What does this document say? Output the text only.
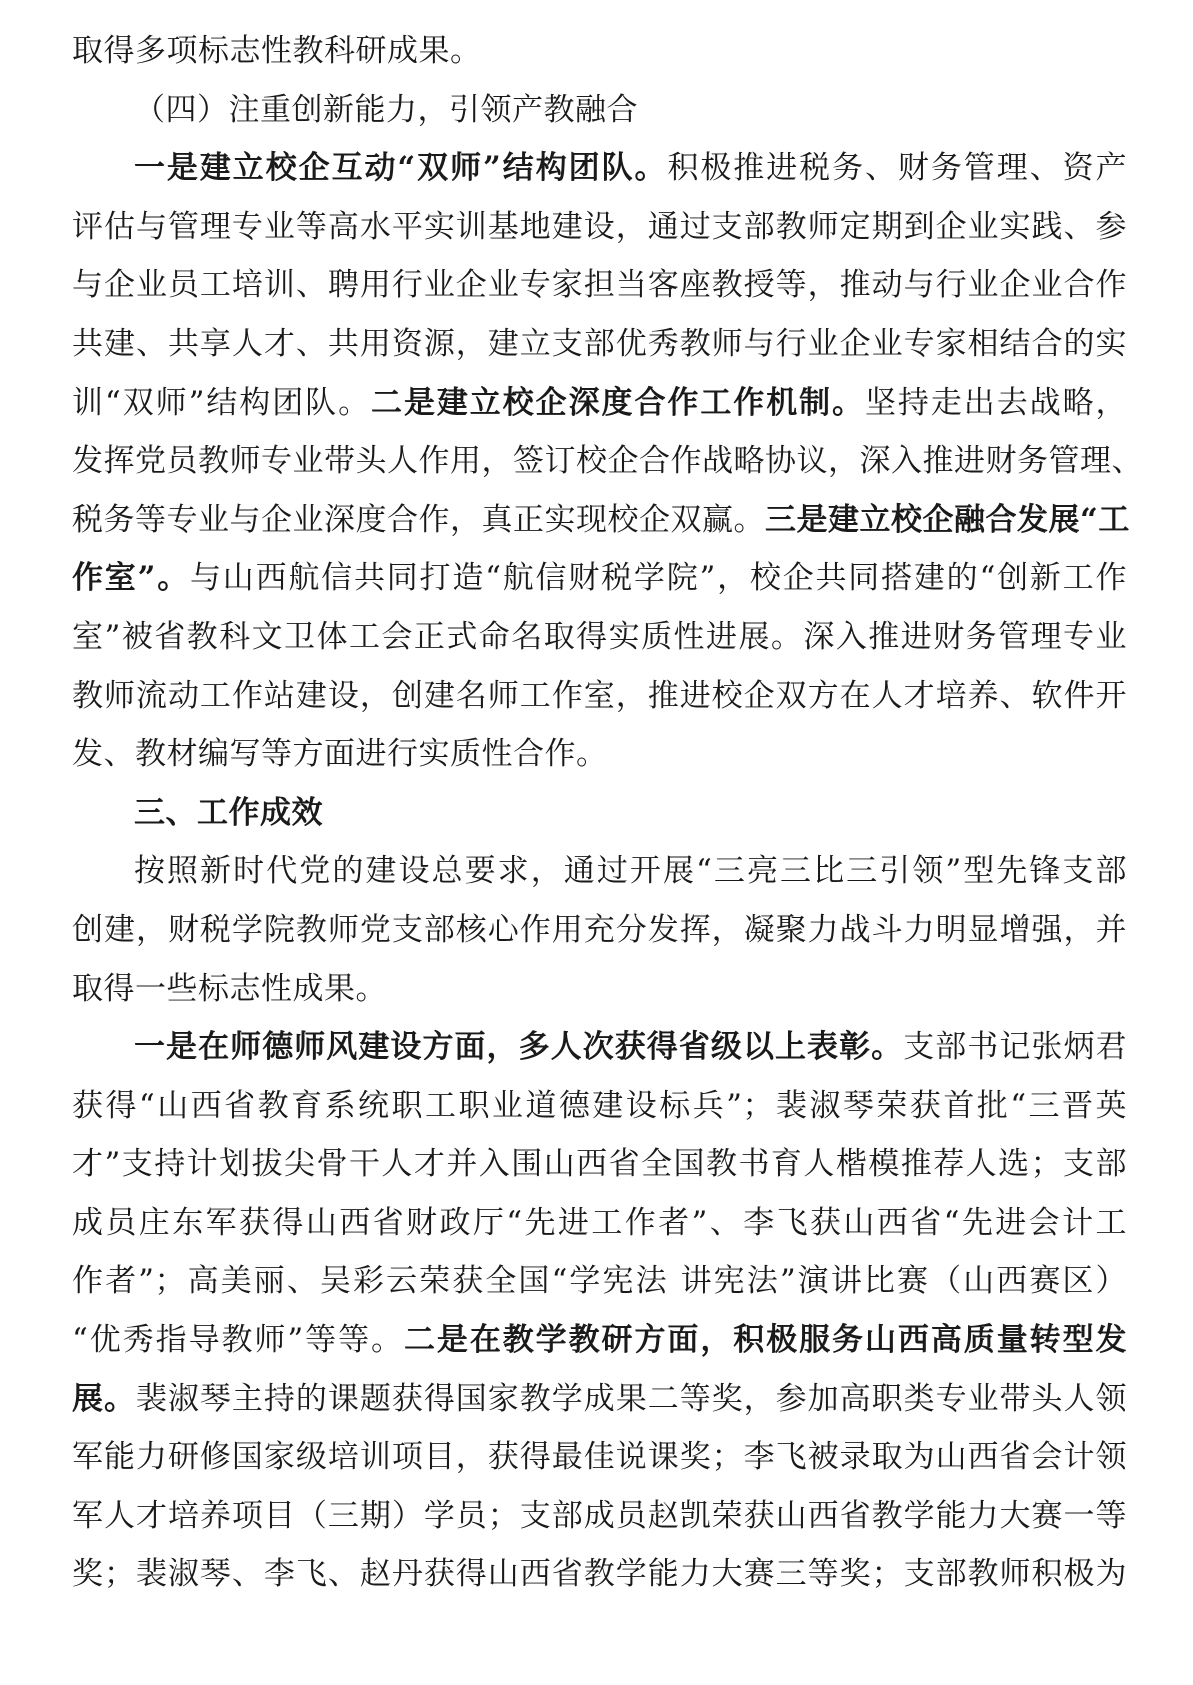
取得多项标志性教科研成果。
（四）注重创新能力，引领产教融合
一是建立校企互动“双师”结构团队。积极推进税务、财务管理、资产
评估与管理专业等高水平实训基地建设，通过支部教师定期到企业实践、参
与企业员工培训、聘用行业企业专家担当客座教授等，推动与行业企业合作
共建、共享人才、共用资源，建立支部优秀教师与行业企业专家相结合的实
训“双师”结构团队。二是建立校企深度合作工作机制。坚持走出去战略，
发挥党员教师专业带头人作用，签订校企合作战略协议，深入推进财务管理、
税务等专业与企业深度合作，真正实现校企双赢。三是建立校企融合发展“工
作室”。与山西航信共同打造“航信财税学院”，校企共同搭建的“创新工作
室”被省教科文卫体工会正式命名取得实质性进展。深入推进财务管理专业
教师流动工作站建设，创建名师工作室，推进校企双方在人才培养、软件开
发、教材编写等方面进行实质性合作。
三、工作成效
按照新时代党的建设总要求，通过开展“三亮三比三引领”型先锋支部
创建，财税学院教师党支部核心作用充分发挥，凝聚力战斗力明显增强，并
取得一些标志性成果。
一是在师德师风建设方面，多人次获得省级以上表彰。支部书记张炳君
获得“山西省教育系统职工职业道德建设标兵”；裴淑琴荣获首批“三晋英
才”支持计划拔尖骨干人才并入围山西省全国教书育人楷模推荐人选；支部
成员庄东军获得山西省财政厅“先进工作者”、李飞获山西省“先进会计工
作者”；高美丽、吴彩云荣获全国“学宪法 讲宪法”演讲比赛（山西赛区）
“优秀指导教师”等等。二是在教学教研方面，积极服务山西高质量转型发
展。裴淑琴主持的课题获得国家教学成果二等奖，参加高职类专业带头人领
军能力研修国家级培训项目，获得最佳说课奖；李飞被录取为山西省会计领
军人才培养项目（三期）学员；支部成员赵凯荣获山西省教学能力大赛一等
奖；裴淑琴、李飞、赵丹获得山西省教学能力大赛三等奖；支部教师积极为
